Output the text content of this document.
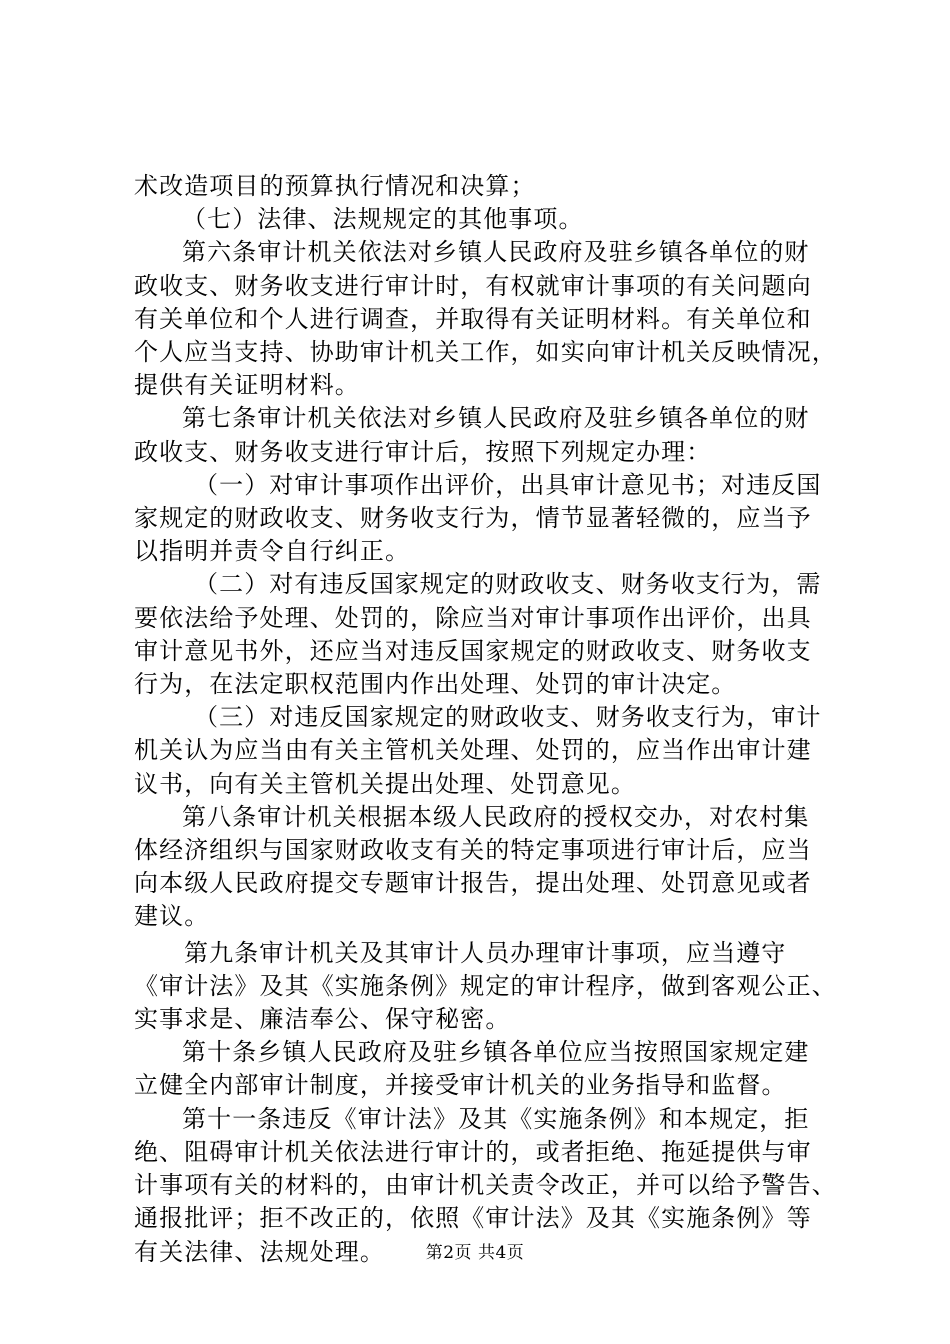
术改造项目的预算执行情况和决算；

（七）法律、法规规定的其他事项。

第六条审计机关依法对乡镇人民政府及驻乡镇各单位的财
政收支、财务收支进行审计时，有权就审计事项的有关问题向
有关单位和个人进行调查，并取得有关证明材料。有关单位和
个人应当支持、协助审计机关工作，如实向审计机关反映情况，
提供有关证明材料。

第七条审计机关依法对乡镇人民政府及驻乡镇各单位的财
政收支、财务收支进行审计后，按照下列规定办理：

（一）对审计事项作出评价，出具审计意见书；对违反国
家规定的财政收支、财务收支行为，情节显著轻微的，应当予
以指明并责令自行纠正。

（二）对有违反国家规定的财政收支、财务收支行为，需
要依法给予处理、处罚的，除应当对审计事项作出评价，出具
审计意见书外，还应当对违反国家规定的财政收支、财务收支
行为，在法定职权范围内作出处理、处罚的审计决定。

（三）对违反国家规定的财政收支、财务收支行为，审计
机关认为应当由有关主管机关处理、处罚的，应当作出审计建
议书，向有关主管机关提出处理、处罚意见。

第八条审计机关根据本级人民政府的授权交办，对农村集
体经济组织与国家财政收支有关的特定事项进行审计后，应当
向本级人民政府提交专题审计报告，提出处理、处罚意见或者
建议。

第九条审计机关及其审计人员办理审计事项，应当遵守
《审计法》及其《实施条例》规定的审计程序，做到客观公正、
实事求是、廉洁奉公、保守秘密。

第十条乡镇人民政府及驻乡镇各单位应当按照国家规定建
立健全内部审计制度，并接受审计机关的业务指导和监督。

第十一条违反《审计法》及其《实施条例》和本规定，拒
绝、阻碍审计机关依法进行审计的，或者拒绝、拖延提供与审
计事项有关的材料的，由审计机关责令改正，并可以给予警告、
通报批评；拒不改正的，依照《审计法》及其《实施条例》等
有关法律、法规处理。	第2页 共4页
